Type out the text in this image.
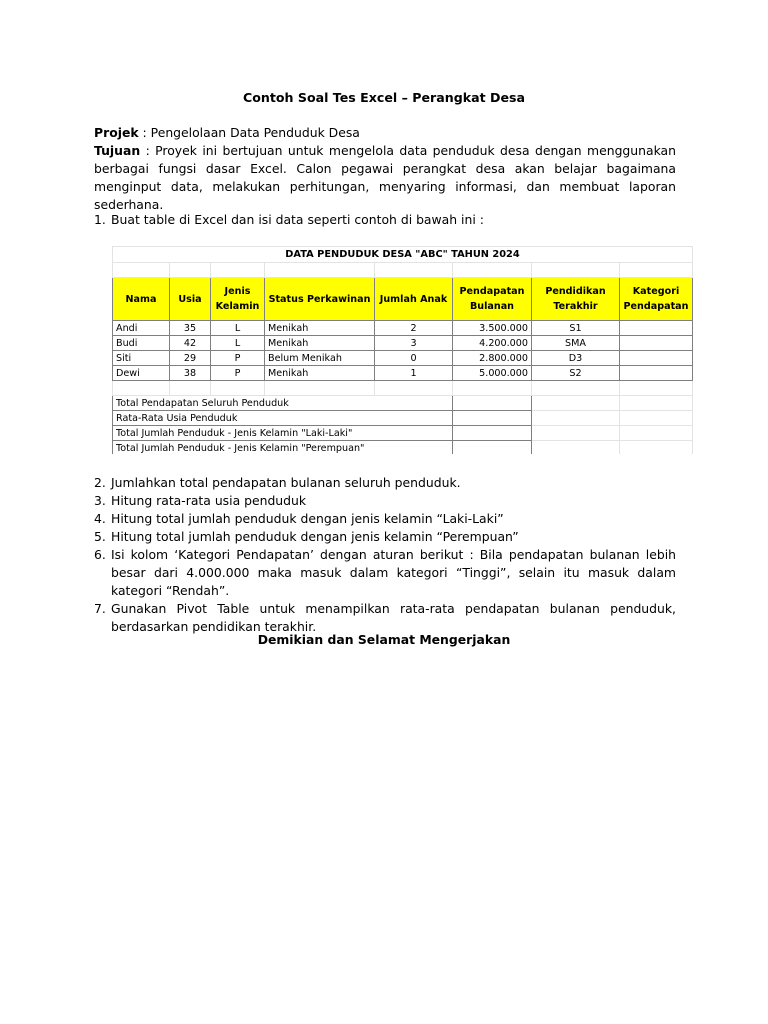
Contoh Soal Tes Excel – Perangkat Desa
Projek : Pengelolaan Data Penduduk Desa
Tujuan : Proyek ini bertujuan untuk mengelola data penduduk desa dengan menggunakan berbagai fungsi dasar Excel. Calon pegawai perangkat desa akan belajar bagaimana menginput data, melakukan perhitungan, menyaring informasi, dan membuat laporan sederhana.
1. Buat table di Excel dan isi data seperti contoh di bawah ini :
DATA PENDUDUK DESA "ABC" TAHUN 2024							

Nama	Usia	Jenis Kelamin	Status Perkawinan	Jumlah Anak	Pendapatan Bulanan	Pendidikan Terakhir	Kategori Pendapatan
Andi	35	L	Menikah	2	3.500.000	S1	
Budi	42	L	Menikah	3	4.200.000	SMA	
Siti	29	P	Belum Menikah	0	2.800.000	D3	
Dewi	38	P	Menikah	1	5.000.000	S2	

Total Pendapatan Seluruh Penduduk							
Rata-Rata Usia Penduduk							
Total Jumlah Penduduk - Jenis Kelamin "Laki-Laki"							
Total Jumlah Penduduk - Jenis Kelamin "Perempuan"							

2. Jumlahkan total pendapatan bulanan seluruh penduduk.
3. Hitung rata-rata usia penduduk
4. Hitung total jumlah penduduk dengan jenis kelamin “Laki-Laki”
5. Hitung total jumlah penduduk dengan jenis kelamin “Perempuan”
6. Isi kolom ‘Kategori Pendapatan’ dengan aturan berikut : Bila pendapatan bulanan lebih besar dari 4.000.000 maka masuk dalam kategori “Tinggi”, selain itu masuk dalam kategori “Rendah”.
7. Gunakan Pivot Table untuk menampilkan rata-rata pendapatan bulanan penduduk, berdasarkan pendidikan terakhir.
Demikian dan Selamat Mengerjakan
